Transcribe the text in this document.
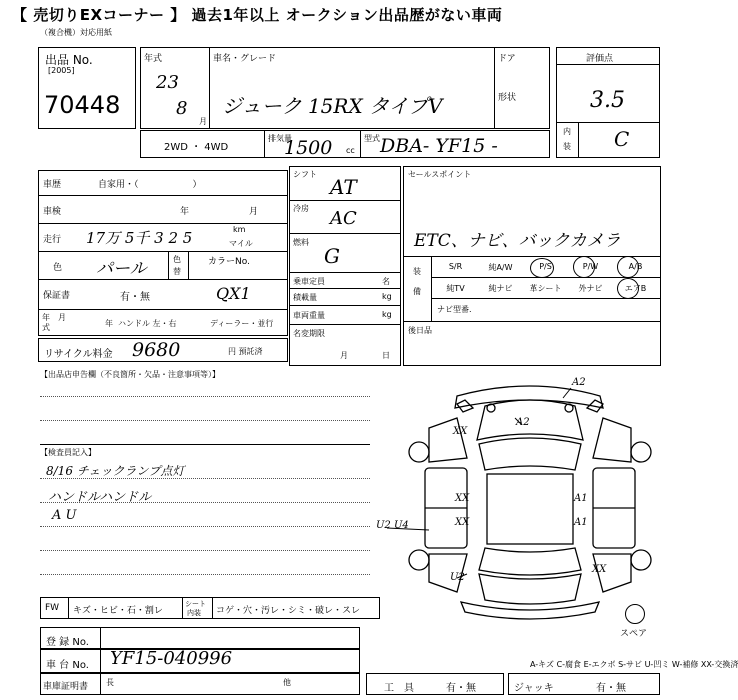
【 売切りEXコーナー 】 過去1年以上 オークション出品歴がない車両
（複合機）対応用紙
出品 No.
[2005]
70448
年式
23
8
月
車名・グレード
ジューク 15RX タイプV
ドア
形状
2WD ・ 4WD
排気量
1500 cc
型式 DBA- YF15 -
評価点
3.5
内
装 C
車歴	自家用・（　　　　　　）
車検	年	月
走行 17万 5千 3 2 5	km
マイル
色 パール	色
替
カラーNo.
QX1
保証書	有・無
年　月
式	年 ハンドル 左・右	ディーラー・並行
リサイクル料金 9680	円 預託済
シフト
AT
冷房 AC
燃料
G
乗車定員	名
積載量	kg
車両重量	kg
名変期限
月	日
セールスポイント
ETC、ナビ、バックカメラ
装
備
S/R	純A/W	P/S	P/W	A/B
純TV	純ナビ	革シート	外ナビ	エアB
ナビ型番.
後日品
【出品店申告欄（不良箇所・欠品・注意事項等）】
【検査員記入】
8/16 チェックランプ点灯
ハンドルハンドル
A U
A2
A2
XX
XX
XX
A1
A1
XX
U2
U2 U4
スペア
FW キズ・ヒビ・石・割レ
シート
内装 コゲ・穴・汚レ・シミ・破レ・スレ
登 録 No.
車 台 No. YF15-040996	A-キズ C-腐食 E-エクボ S-サビ U-凹ミ W-補修 XX-交換済
車庫証明書 長	他
工　具	有・無	ジャッキ	有・無
